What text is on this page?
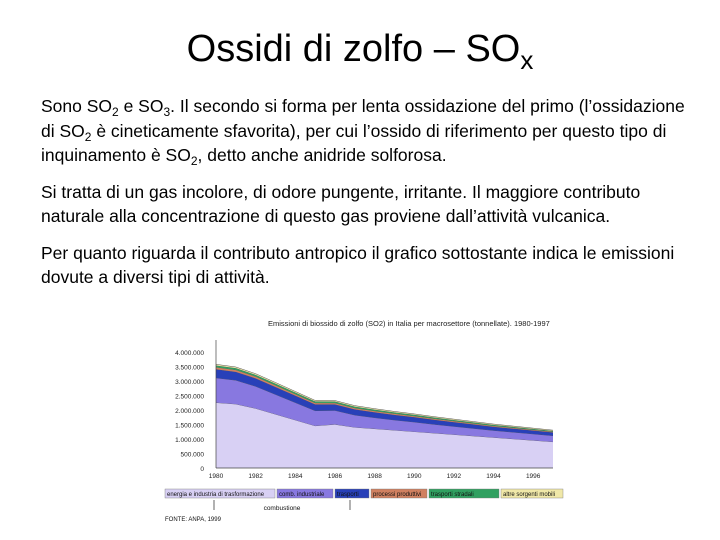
Ossidi di zolfo – $SO_x$

Sono $SO_2$ e $SO_3$. Il secondo si forma per lenta ossidazione del primo (l’ossidazione di $SO_2$ è cineticamente sfavorita), per cui l’ossido di riferimento per questo tipo di inquinamento è $SO_2$, detto anche anidride solforosa.

Si tratta di un gas incolore, di odore pungente, irritante. Il maggiore contributo naturale alla concentrazione di questo gas proviene dall’attività vulcanica.

Per quanto riguarda il contributo antropico il grafico sottostante indica le emissioni dovute a diversi tipi di attività.

Emissioni di biossido di zolfo (SO2) in Italia per macrosettore (tonnellate). 1980-1997
0
500.000
1.000.000
1.500.000
2.000.000
2.500.000
3.000.000
3.500.000
4.000.000
1980	1982	1984	1986	1988	1990	1992	1994	1996
energia e industria di trasformazione comb. industriale trasporti processi produttivi trasporti stradali	altre sorgenti mobili
combustione
FONTE: ANPA, 1999
